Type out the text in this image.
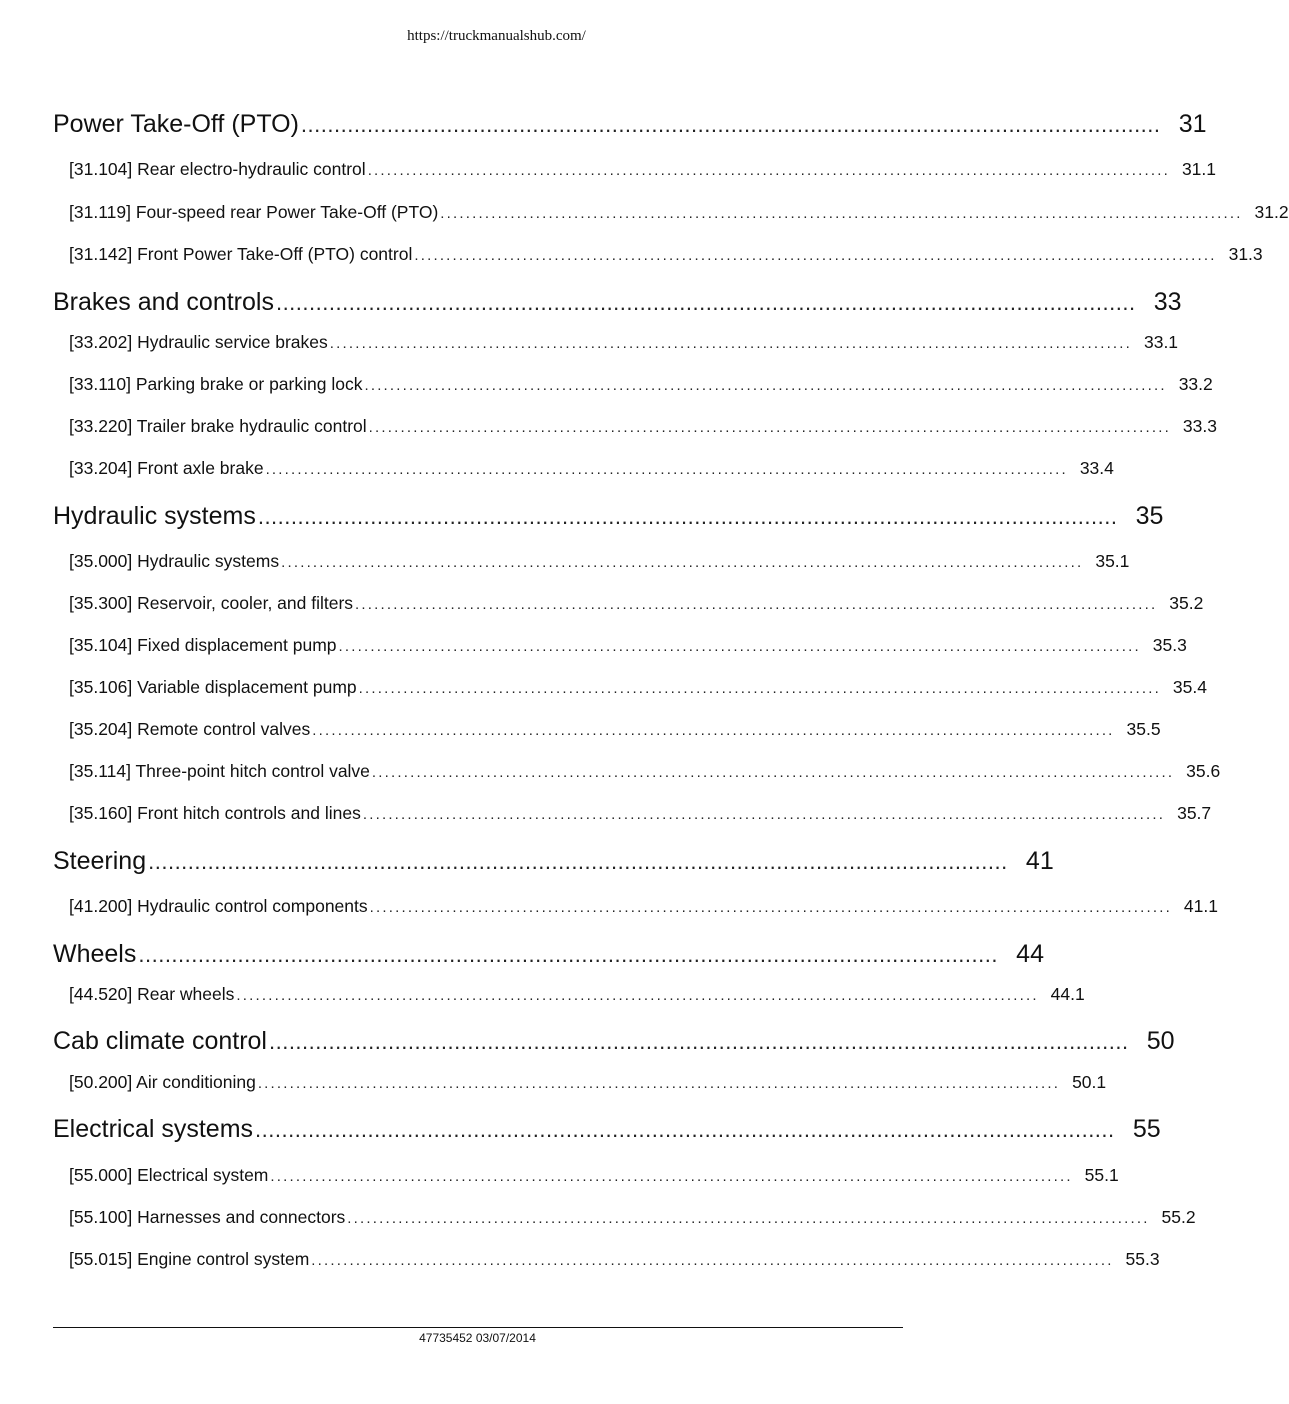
https://truckmanualshub.com/
Power Take-Off (PTO) .................................................................................................................................. 31
[31.104] Rear electro-hydraulic control .............................................................................................................................. 31.1
[31.119] Four-speed rear Power Take-Off (PTO) .............................................................................................................................. 31.2
[31.142] Front Power Take-Off (PTO) control .............................................................................................................................. 31.3
Brakes and controls .................................................................................................................................. 33
[33.202] Hydraulic service brakes .............................................................................................................................. 33.1
[33.110] Parking brake or parking lock .............................................................................................................................. 33.2
[33.220] Trailer brake hydraulic control .............................................................................................................................. 33.3
[33.204] Front axle brake .............................................................................................................................. 33.4
Hydraulic systems .................................................................................................................................. 35
[35.000] Hydraulic systems .............................................................................................................................. 35.1
[35.300] Reservoir, cooler, and filters .............................................................................................................................. 35.2
[35.104] Fixed displacement pump .............................................................................................................................. 35.3
[35.106] Variable displacement pump .............................................................................................................................. 35.4
[35.204] Remote control valves .............................................................................................................................. 35.5
[35.114] Three-point hitch control valve .............................................................................................................................. 35.6
[35.160] Front hitch controls and lines .............................................................................................................................. 35.7
Steering .................................................................................................................................. 41
[41.200] Hydraulic control components .............................................................................................................................. 41.1
Wheels .................................................................................................................................. 44
[44.520] Rear wheels .............................................................................................................................. 44.1
Cab climate control .................................................................................................................................. 50
[50.200] Air conditioning .............................................................................................................................. 50.1
Electrical systems .................................................................................................................................. 55
[55.000] Electrical system .............................................................................................................................. 55.1
[55.100] Harnesses and connectors .............................................................................................................................. 55.2
[55.015] Engine control system .............................................................................................................................. 55.3
47735452 03/07/2014
